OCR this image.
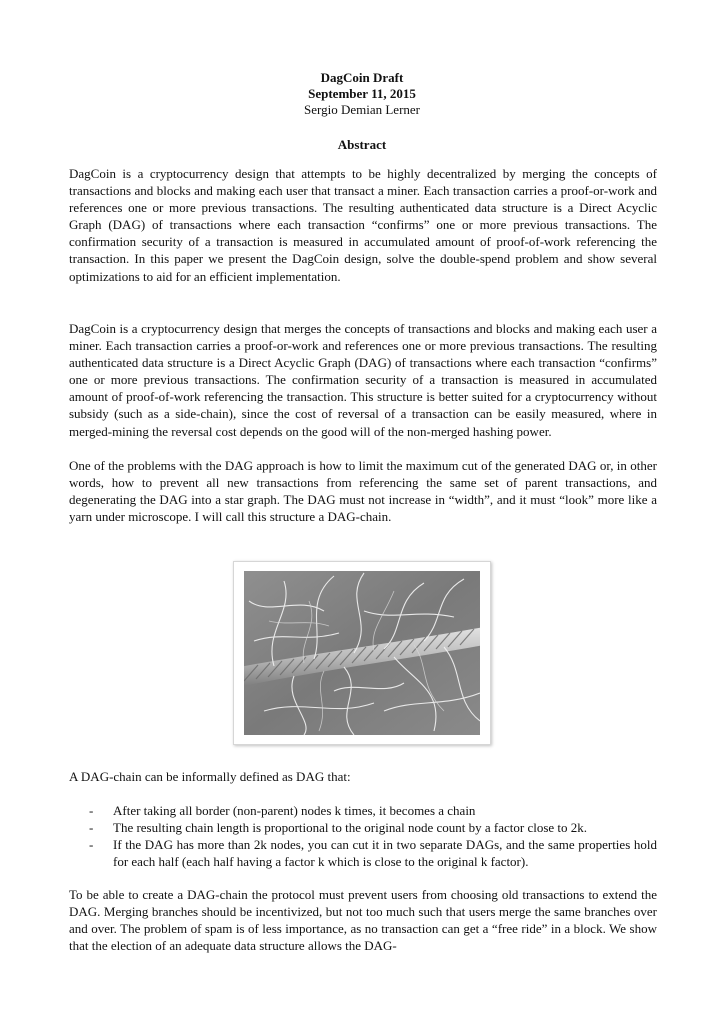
DagCoin Draft
September 11, 2015
Sergio Demian Lerner
Abstract

DagCoin is a cryptocurrency design that attempts to be highly decentralized by merging the concepts of transactions and blocks and making each user that transact a miner. Each transaction carries a proof-or-work and references one or more previous transactions. The resulting authenticated data structure is a Direct Acyclic Graph (DAG) of transactions where each transaction “confirms” one or more previous transactions. The confirmation security of a transaction is measured in accumulated amount of proof-of-work referencing the transaction. In this paper we present the DagCoin design, solve the double-spend problem and show several optimizations to aid for an efficient implementation.

DagCoin is a cryptocurrency design that merges the concepts of transactions and blocks and making each user a miner. Each transaction carries a proof-or-work and references one or more previous transactions. The resulting authenticated data structure is a Direct Acyclic Graph (DAG) of transactions where each transaction “confirms” one or more previous transactions. The confirmation security of a transaction is measured in accumulated amount of proof-of-work referencing the transaction. This structure is better suited for a cryptocurrency without subsidy (such as a side-chain), since the cost of reversal of a transaction can be easily measured, where in merged-mining the reversal cost depends on the good will of the non-merged hashing power.

One of the problems with the DAG approach is how to limit the maximum cut of the generated DAG or, in other words, how to prevent all new transactions from referencing the same set of parent transactions, and degenerating the DAG into a star graph. The DAG must not increase in “width”, and it must “look” more like a yarn under microscope. I will call this structure a DAG-chain.

A DAG-chain can be informally defined as DAG that:

- After taking all border (non-parent) nodes k times, it becomes a chain
- The resulting chain length is proportional to the original node count by a factor close to 2k.
- If the DAG has more than 2k nodes, you can cut it in two separate DAGs, and the same properties hold for each half (each half having a factor k which is close to the original k factor).

To be able to create a DAG-chain the protocol must prevent users from choosing old transactions to extend the DAG. Merging branches should be incentivized, but not too much such that users merge the same branches over and over. The problem of spam is of less importance, as no transaction can get a “free ride” in a block. We show that the election of an adequate data structure allows the DAG-
